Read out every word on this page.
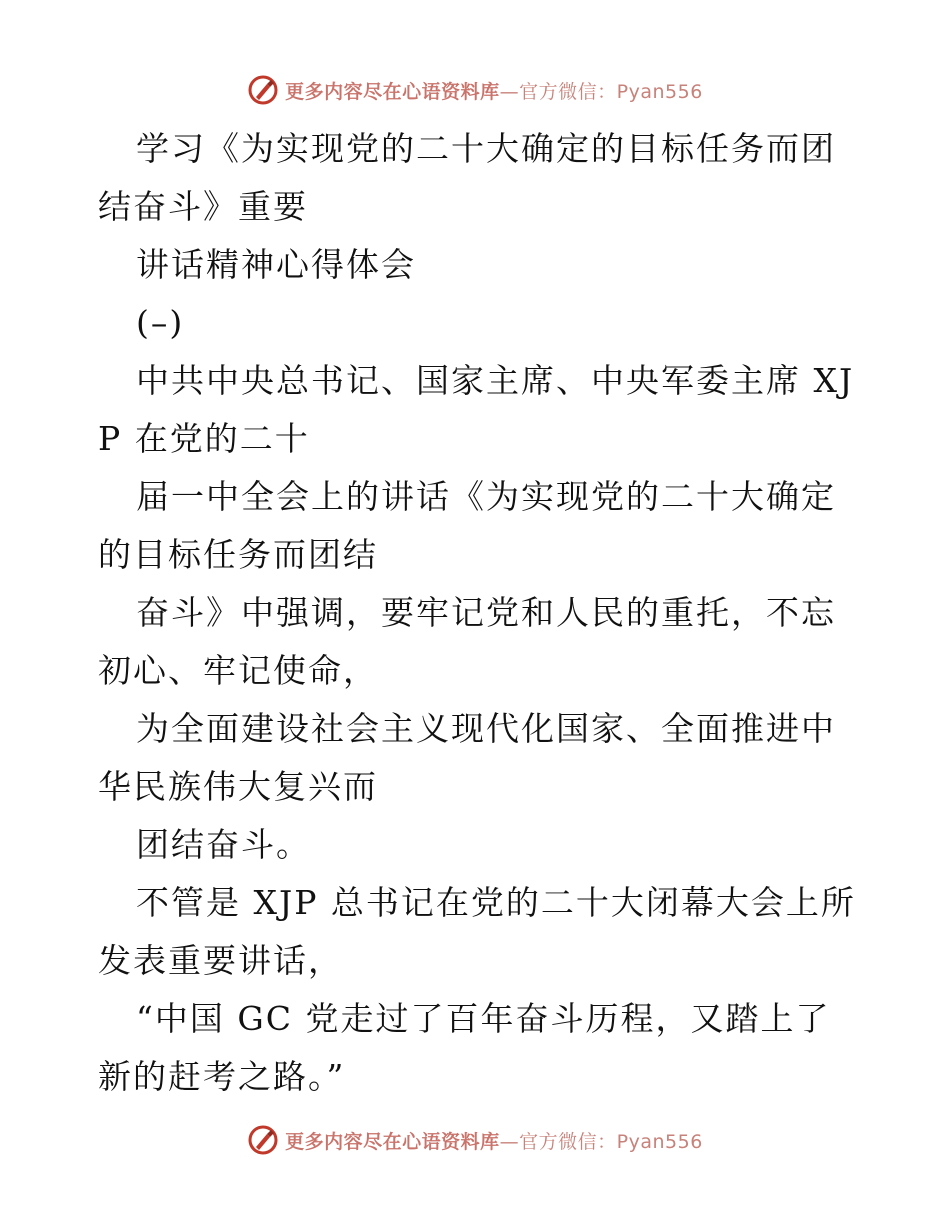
更多内容尽在心语资料库—官方微信：Pyan556

学习《为实现党的二十大确定的目标任务而团结奋斗》重要

讲话精神心得体会

(–)

中共中央总书记、国家主席、中央军委主席 XJP 在党的二十

届一中全会上的讲话《为实现党的二十大确定的目标任务而团结

奋斗》中强调，要牢记党和人民的重托，不忘初心、牢记使命，

为全面建设社会主义现代化国家、全面推进中华民族伟大复兴而

团结奋斗。

不管是 XJP 总书记在党的二十大闭幕大会上所发表重要讲话，

“中国 GC 党走过了百年奋斗历程，又踏上了新的赶考之路。”

更多内容尽在心语资料库—官方微信：Pyan556
